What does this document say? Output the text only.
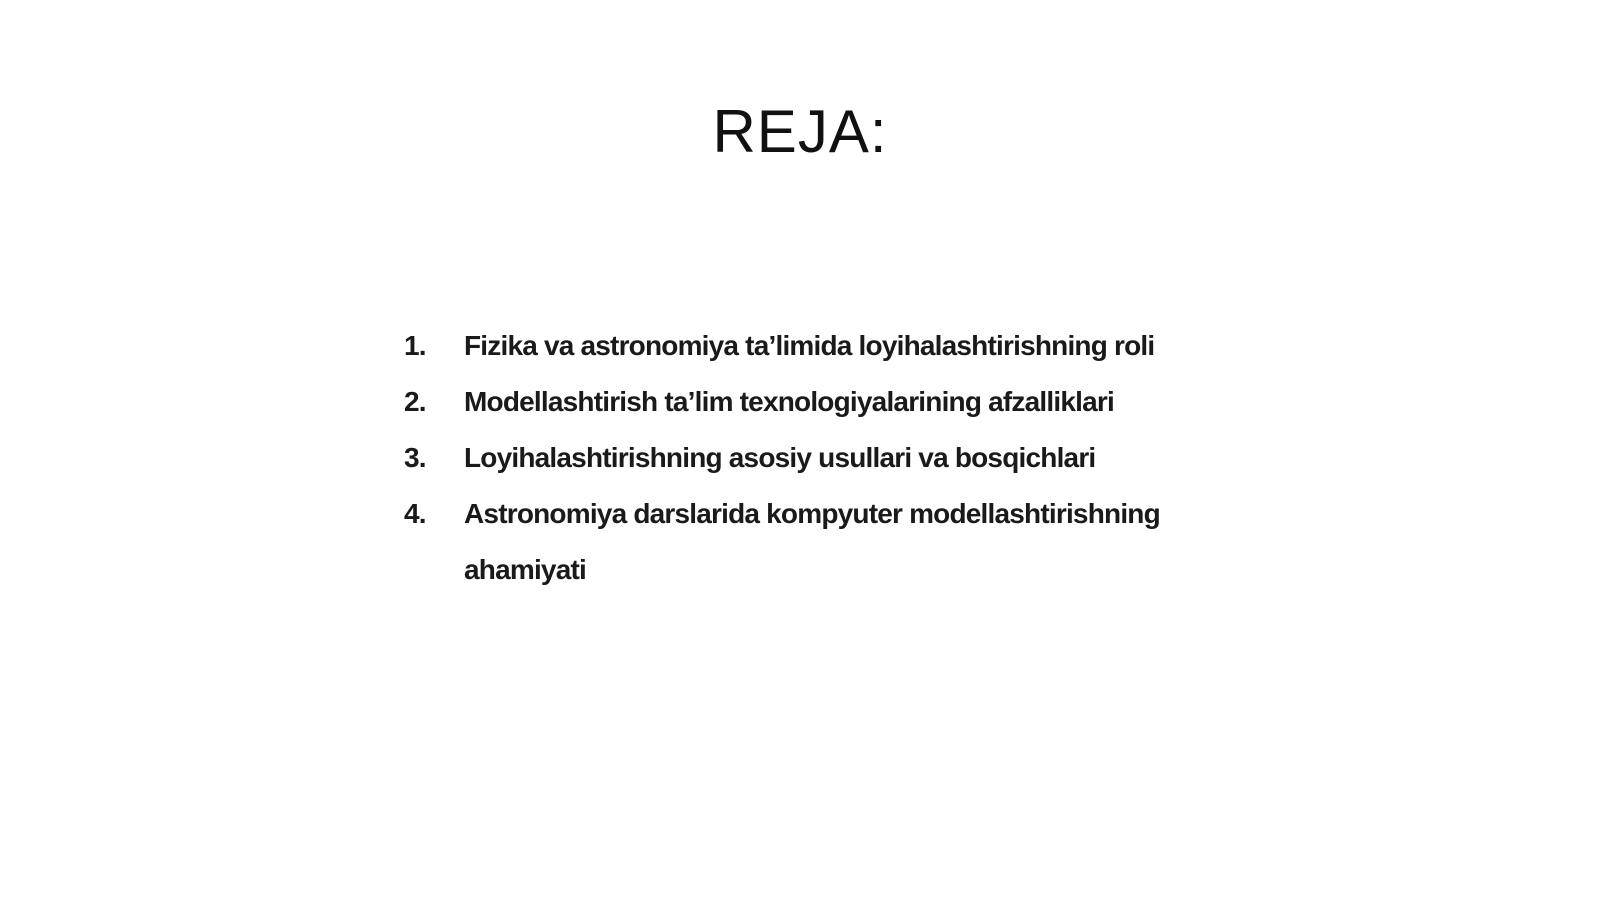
REJA:
1.	Fizika va astronomiya ta’limida loyihalashtirishning roli
2.	Modellashtirish ta’lim texnologiyalarining afzalliklari
3.	Loyihalashtirishning asosiy usullari va bosqichlari
4.	Astronomiya darslarida kompyuter modellashtirishning ahamiyati
